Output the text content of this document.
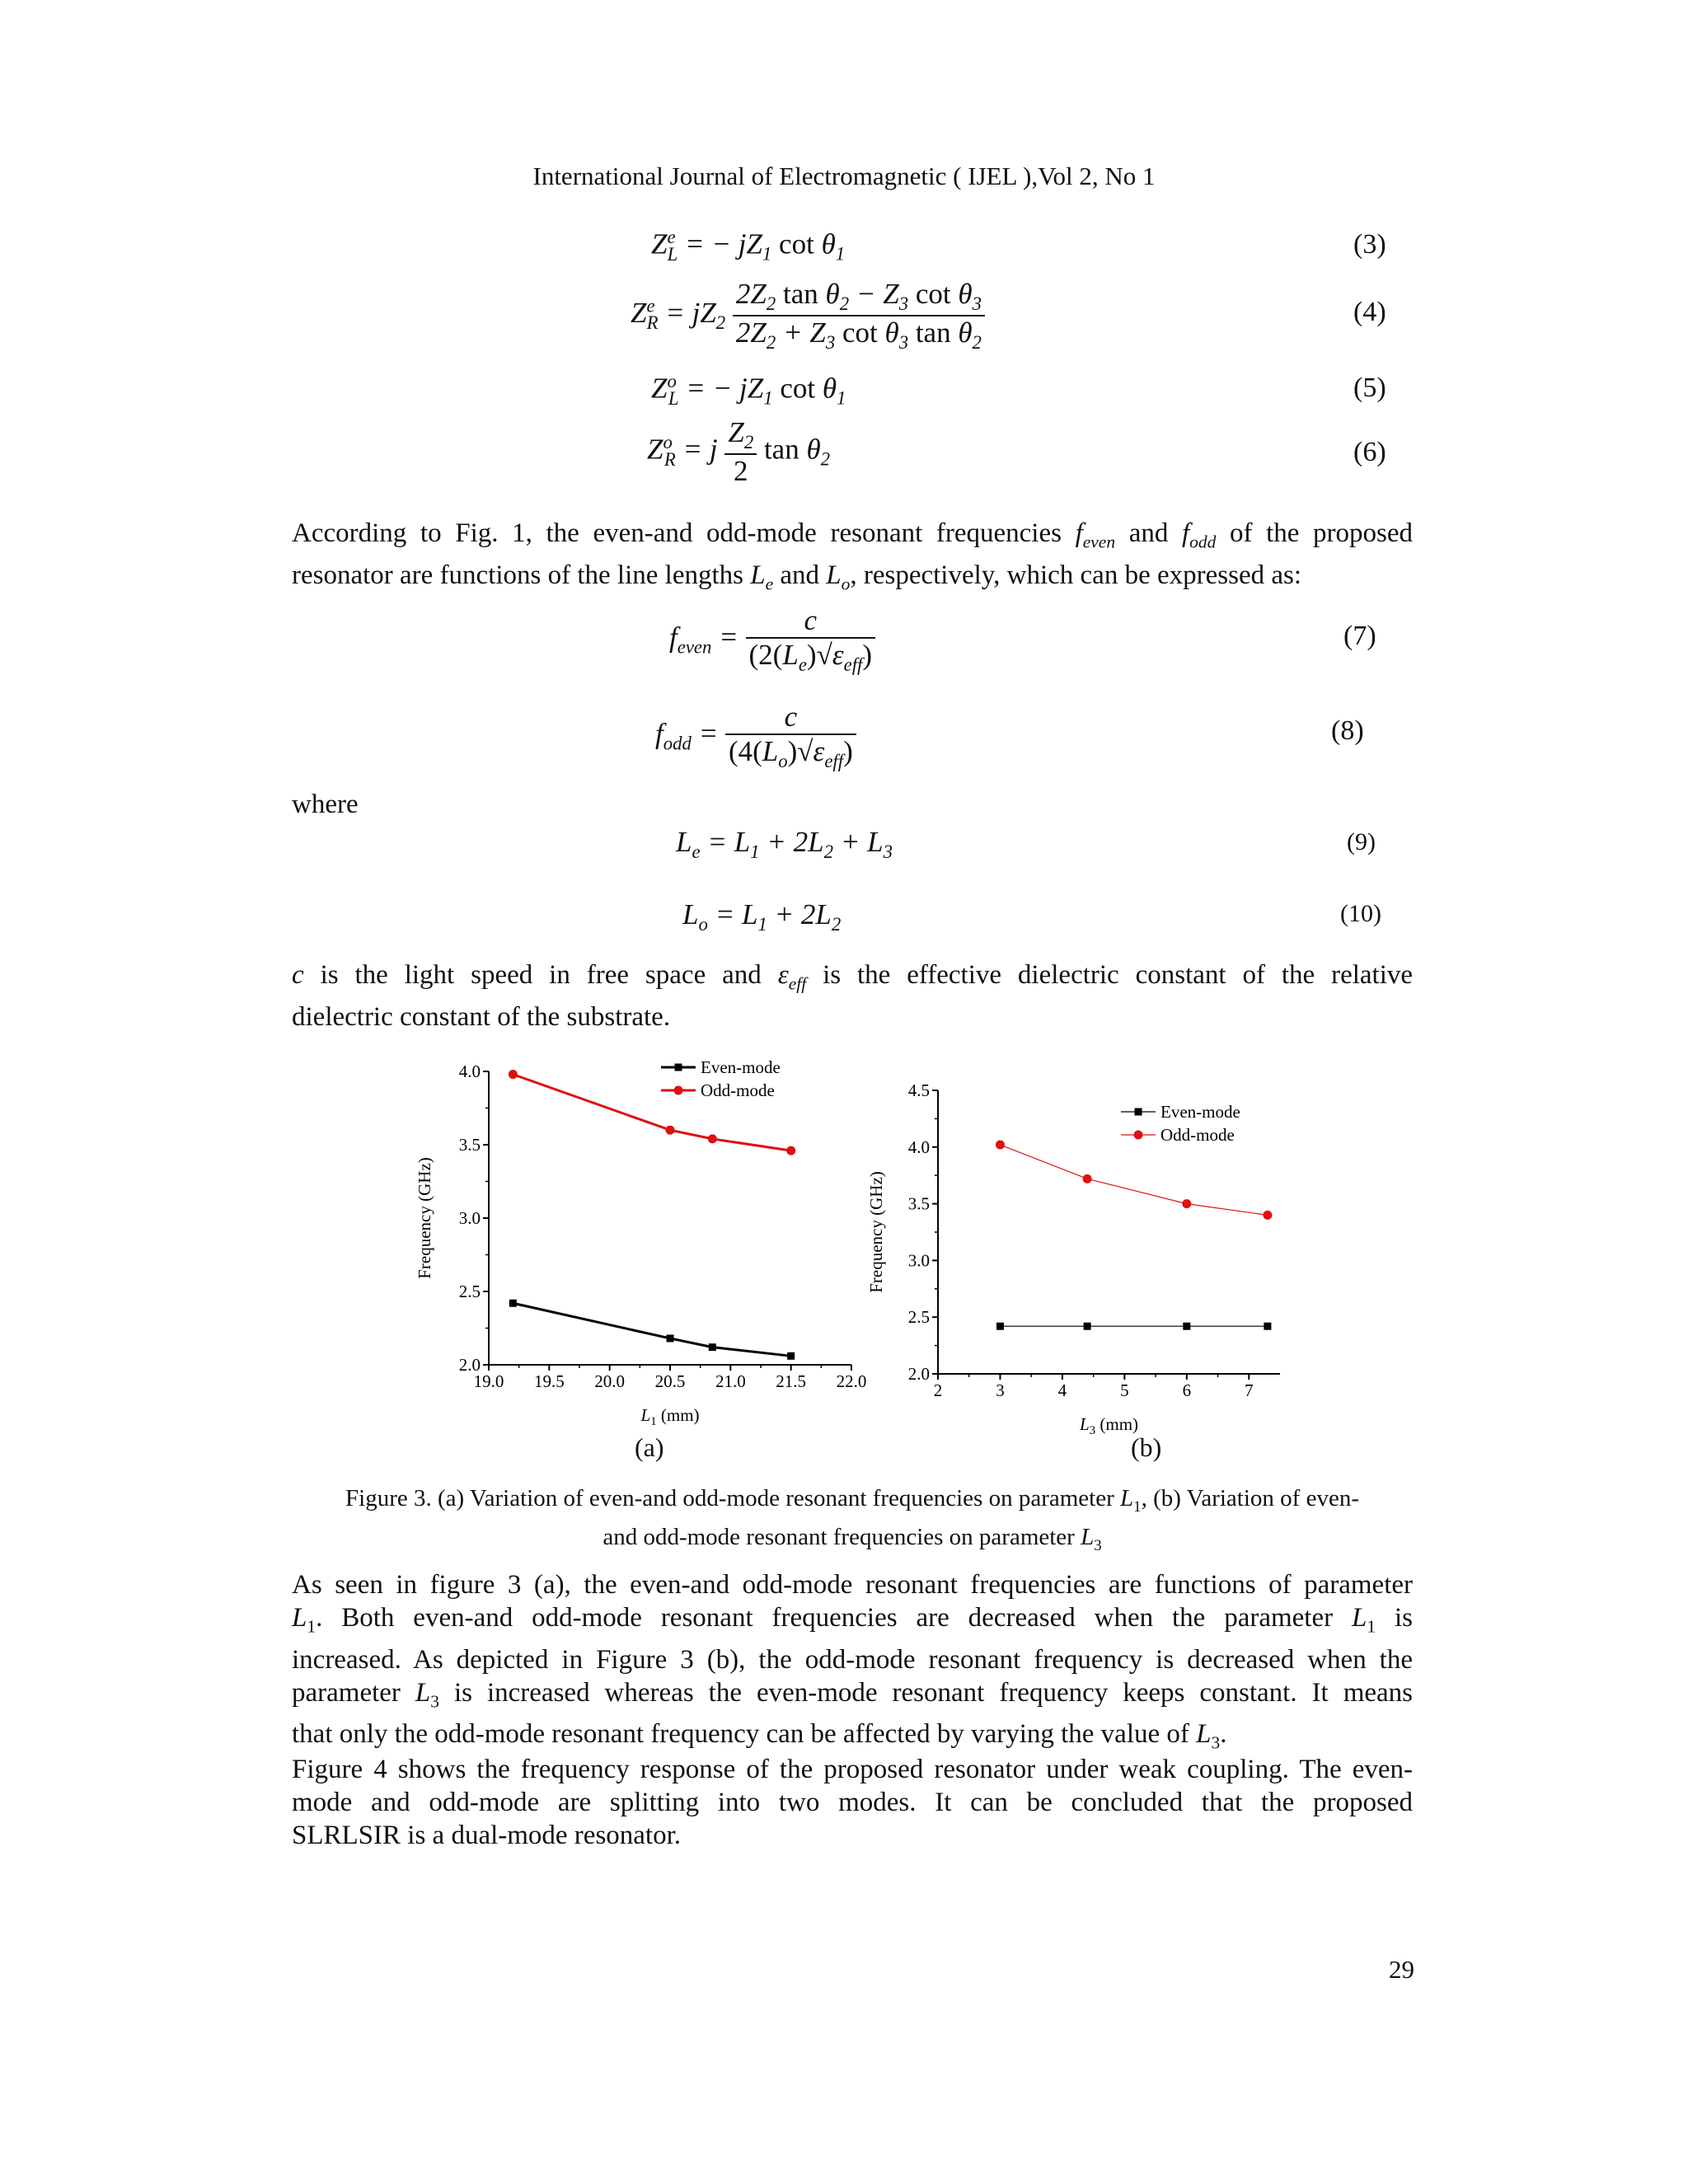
International Journal of Electromagnetic ( IJEL ),Vol 2, No 1
$Z^e_L$ = − $jZ_1$ $\cot \theta_1$	(3)
$Z^e_R = jZ_2 \frac{2Z_2 \tan \theta_2 - Z_3 \cot \theta_3}{2Z_2 + Z_3 \cot \theta_3 \tan \theta_2}$	(4)
$Z^o_L$ = − $jZ_1$ $\cot \theta_1$	(5)
$Z^o_R = j \frac{Z_2}{2}$ $\tan \theta_2$	(6)
According to Fig. 1, the even-and odd-mode resonant frequencies $f_{even}$ and $f_{odd}$ of the proposed
resonator are functions of the line lengths $L_e$ and $L_o$, respectively, which can be expressed as:
$f_{even} = \frac{c}{(2(L_e)√\varepsilon_{eff})}$	(7)
$f_{odd} = \frac{c}{(4(L_o)√\varepsilon_{eff})}$	(8)
where
$L_e = L_1 + 2L_2 + L_3$	(9)
$L_o = L_1 + 2L_2$	(10)
c is the light speed in free space and $\varepsilon_{eff}$ is the effective dielectric constant of the relative
dielectric constant of the substrate.
2.0
2.5
3.0
3.5
4.0
19.0 19.5 20.0 20.5 21.0 21.5 22.0
Frequency (GHz)
$L_1$ (mm)
Even-mode
Odd-mode
(a)
2.0
2.5
3.0
3.5
4.0
4.5
2	3	4	5	6	7
Frequency (GHz)
$L_3$ (mm)
Even-mode
Odd-mode
(b)
Figure 3. (a) Variation of even-and odd-mode resonant frequencies on parameter $L_1$, (b) Variation of even-
and odd-mode resonant frequencies on parameter $L_3$
As seen in figure 3 (a), the even-and odd-mode resonant frequencies are functions of parameter
$L_1$. Both even-and odd-mode resonant frequencies are decreased when the parameter $L_1$ is
increased. As depicted in Figure 3 (b), the odd-mode resonant frequency is decreased when the
parameter $L_3$ is increased whereas the even-mode resonant frequency keeps constant. It means
that only the odd-mode resonant frequency can be affected by varying the value of $L_3$.
Figure 4 shows the frequency response of the proposed resonator under weak coupling. The even-
mode and odd-mode are splitting into two modes. It can be concluded that the proposed
SLRLSIR is a dual-mode resonator.
29
